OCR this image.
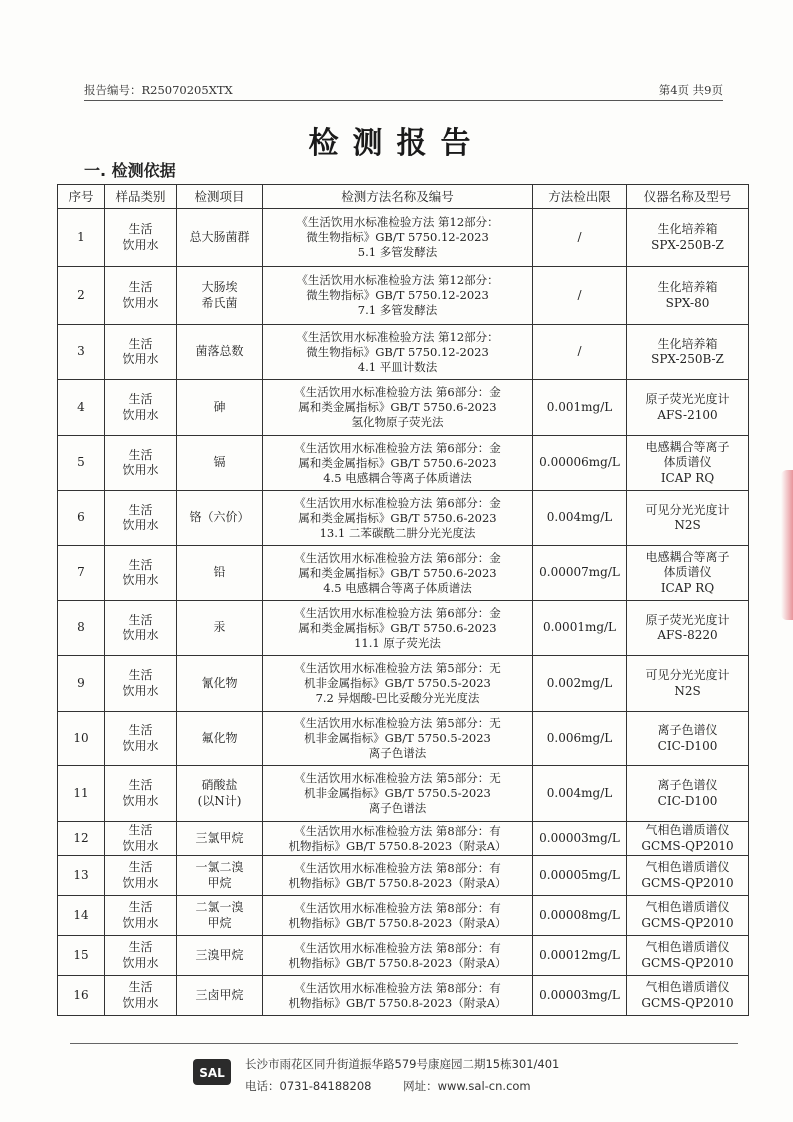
报告编号：R25070205XTX	第4页 共9页
检测报告
一. 检测依据
序号	样品类别	检测项目	检测方法名称及编号	方法检出限	仪器名称及型号
1	生活
饮用水	总大肠菌群	《生活饮用水标准检验方法 第12部分：
微生物指标》GB/T 5750.12-2023
5.1 多管发酵法	/	生化培养箱
SPX-250B-Z
2	生活
饮用水	大肠埃
希氏菌	《生活饮用水标准检验方法 第12部分：
微生物指标》GB/T 5750.12-2023
7.1 多管发酵法	/	生化培养箱
SPX-80
3	生活
饮用水	菌落总数	《生活饮用水标准检验方法 第12部分：
微生物指标》GB/T 5750.12-2023
4.1 平皿计数法	/	生化培养箱
SPX-250B-Z
4	生活
饮用水	砷	《生活饮用水标准检验方法 第6部分：金
属和类金属指标》GB/T 5750.6-2023
氢化物原子荧光法	0.001mg/L	原子荧光光度计
AFS-2100
5	生活
饮用水	镉	《生活饮用水标准检验方法 第6部分：金
属和类金属指标》GB/T 5750.6-2023
4.5 电感耦合等离子体质谱法	0.00006mg/L	电感耦合等离子
体质谱仪
ICAP RQ
6	生活
饮用水	铬（六价）	《生活饮用水标准检验方法 第6部分：金
属和类金属指标》GB/T 5750.6-2023
13.1 二苯碳酰二肼分光光度法	0.004mg/L	可见分光光度计
N2S
7	生活
饮用水	铅	《生活饮用水标准检验方法 第6部分：金
属和类金属指标》GB/T 5750.6-2023
4.5 电感耦合等离子体质谱法	0.00007mg/L	电感耦合等离子
体质谱仪
ICAP RQ
8	生活
饮用水	汞	《生活饮用水标准检验方法 第6部分：金
属和类金属指标》GB/T 5750.6-2023
11.1 原子荧光法	0.0001mg/L	原子荧光光度计
AFS-8220
9	生活
饮用水	氰化物	《生活饮用水标准检验方法 第5部分：无
机非金属指标》GB/T 5750.5-2023
7.2 异烟酸-巴比妥酸分光光度法	0.002mg/L	可见分光光度计
N2S
10	生活
饮用水	氟化物	《生活饮用水标准检验方法 第5部分：无
机非金属指标》GB/T 5750.5-2023
离子色谱法	0.006mg/L	离子色谱仪
CIC-D100
11	生活
饮用水	硝酸盐
(以N计)	《生活饮用水标准检验方法 第5部分：无
机非金属指标》GB/T 5750.5-2023
离子色谱法	0.004mg/L	离子色谱仪
CIC-D100
12	生活
饮用水	三氯甲烷	《生活饮用水标准检验方法 第8部分：有
机物指标》GB/T 5750.8-2023（附录A）	0.00003mg/L	气相色谱质谱仪
GCMS-QP2010
13	生活
饮用水	一氯二溴
甲烷	《生活饮用水标准检验方法 第8部分：有
机物指标》GB/T 5750.8-2023（附录A）	0.00005mg/L	气相色谱质谱仪
GCMS-QP2010
14	生活
饮用水	二氯一溴
甲烷	《生活饮用水标准检验方法 第8部分：有
机物指标》GB/T 5750.8-2023（附录A）	0.00008mg/L	气相色谱质谱仪
GCMS-QP2010
15	生活
饮用水	三溴甲烷	《生活饮用水标准检验方法 第8部分：有
机物指标》GB/T 5750.8-2023（附录A）	0.00012mg/L	气相色谱质谱仪
GCMS-QP2010
16	生活
饮用水	三卤甲烷	《生活饮用水标准检验方法 第8部分：有
机物指标》GB/T 5750.8-2023（附录A）	0.00003mg/L	气相色谱质谱仪
GCMS-QP2010
SAL
长沙市雨花区同升街道振华路579号康庭园二期15栋301/401
电话：0731-84188208	网址：www.sal-cn.com
